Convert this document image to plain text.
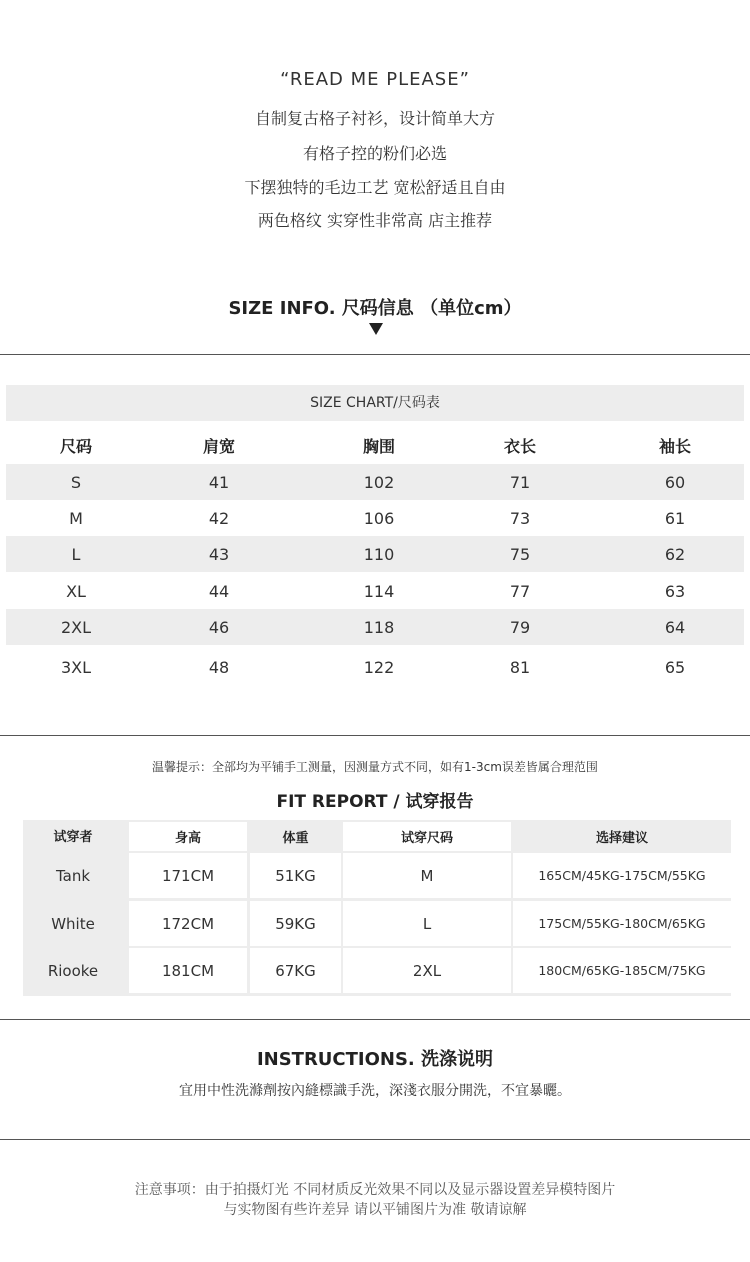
“READ ME PLEASE”
自制复古格子衬衫，设计简单大方
有格子控的粉们必选
下摆独特的毛边工艺 宽松舒适且自由
两色格纹 实穿性非常高 店主推荐
SIZE INFO. 尺码信息 （单位cm）
SIZE CHART/尺码表
尺码	肩宽	胸围	衣长	袖长
S	41	102	71	60
M	42	106	73	61
L	43	110	75	62
XL	44	114	77	63
2XL	46	118	79	64
3XL	48	122	81	65
温馨提示：全部均为平铺手工测量，因测量方式不同，如有1-3cm误差皆属合理范围
FIT REPORT / 试穿报告
试穿者	身高	体重	试穿尺码	选择建议
Tank	171CM	51KG	M	165CM/45KG-175CM/55KG
White	172CM	59KG	L	175CM/55KG-180CM/65KG
Riooke	181CM	67KG	2XL	180CM/65KG-185CM/75KG
INSTRUCTIONS. 洗涤说明
宜用中性洗滌劑按內縫標識手洗，深淺衣服分開洗，不宜暴曬。
注意事项：由于拍摄灯光 不同材质反光效果不同以及显示器设置差异模特图片
与实物图有些许差异 请以平铺图片为准 敬请谅解
